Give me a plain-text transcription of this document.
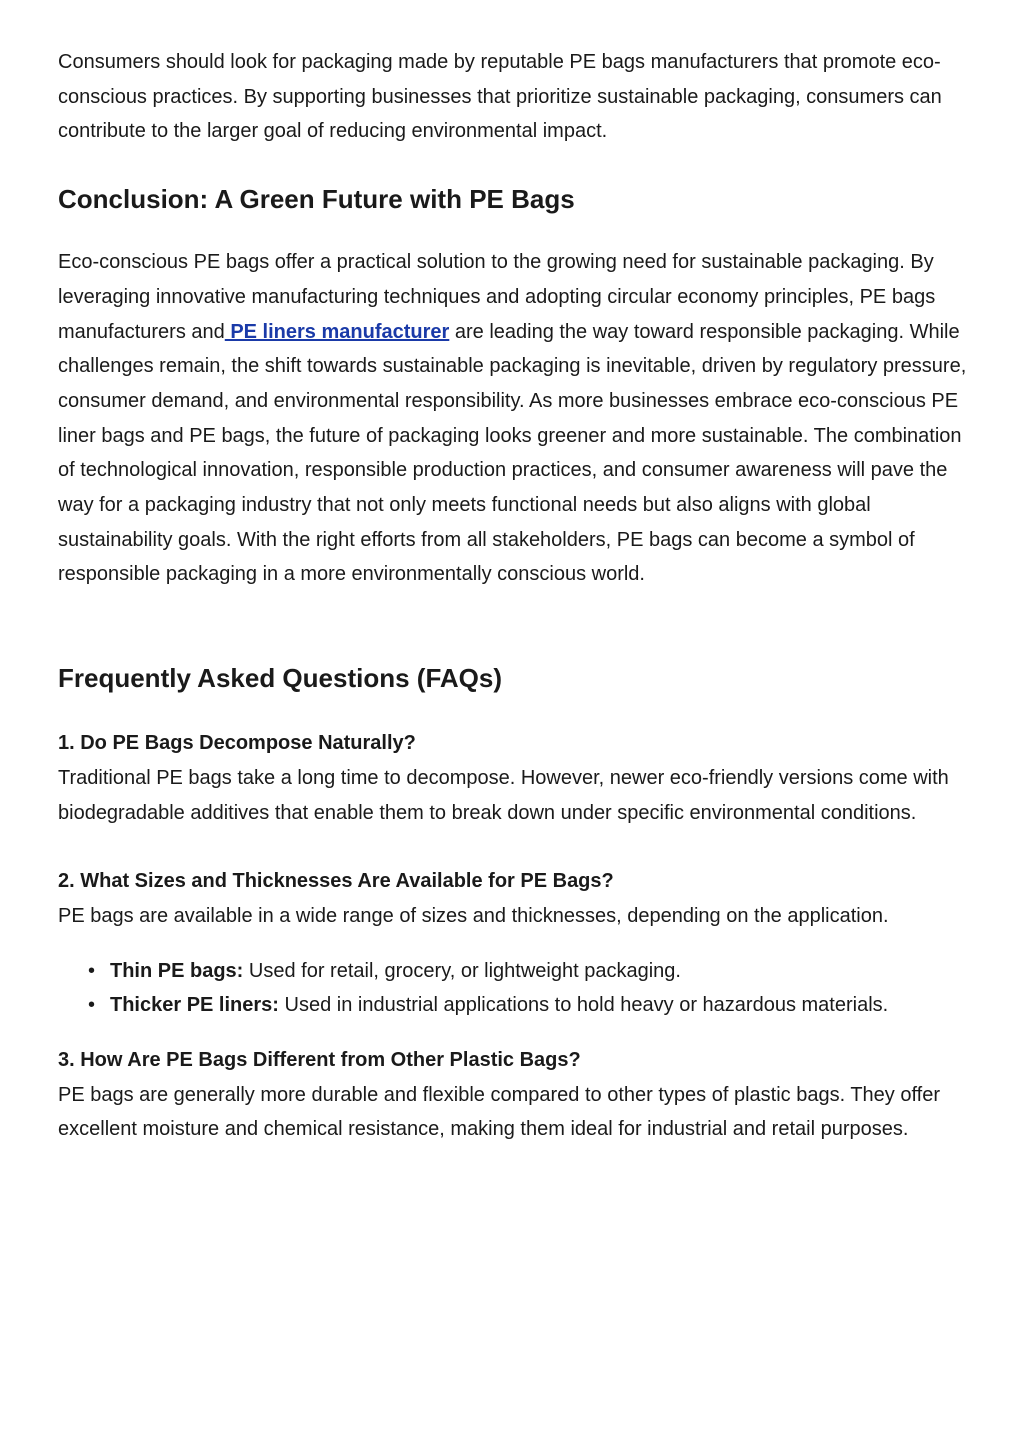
Consumers should look for packaging made by reputable PE bags manufacturers that promote eco-conscious practices. By supporting businesses that prioritize sustainable packaging, consumers can contribute to the larger goal of reducing environmental impact.

Conclusion: A Green Future with PE Bags

Eco-conscious PE bags offer a practical solution to the growing need for sustainable packaging. By leveraging innovative manufacturing techniques and adopting circular economy principles, PE bags manufacturers and PE liners manufacturer are leading the way toward responsible packaging. While challenges remain, the shift towards sustainable packaging is inevitable, driven by regulatory pressure, consumer demand, and environmental responsibility. As more businesses embrace eco-conscious PE liner bags and PE bags, the future of packaging looks greener and more sustainable. The combination of technological innovation, responsible production practices, and consumer awareness will pave the way for a packaging industry that not only meets functional needs but also aligns with global sustainability goals. With the right efforts from all stakeholders, PE bags can become a symbol of responsible packaging in a more environmentally conscious world.

Frequently Asked Questions (FAQs)
1. Do PE Bags Decompose Naturally?

Traditional PE bags take a long time to decompose. However, newer eco-friendly versions come with biodegradable additives that enable them to break down under specific environmental conditions.

2. What Sizes and Thicknesses Are Available for PE Bags?

PE bags are available in a wide range of sizes and thicknesses, depending on the application.

• Thin PE bags: Used for retail, grocery, or lightweight packaging.
• Thicker PE liners: Used in industrial applications to hold heavy or hazardous materials.
3. How Are PE Bags Different from Other Plastic Bags?

PE bags are generally more durable and flexible compared to other types of plastic bags. They offer excellent moisture and chemical resistance, making them ideal for industrial and retail purposes.
